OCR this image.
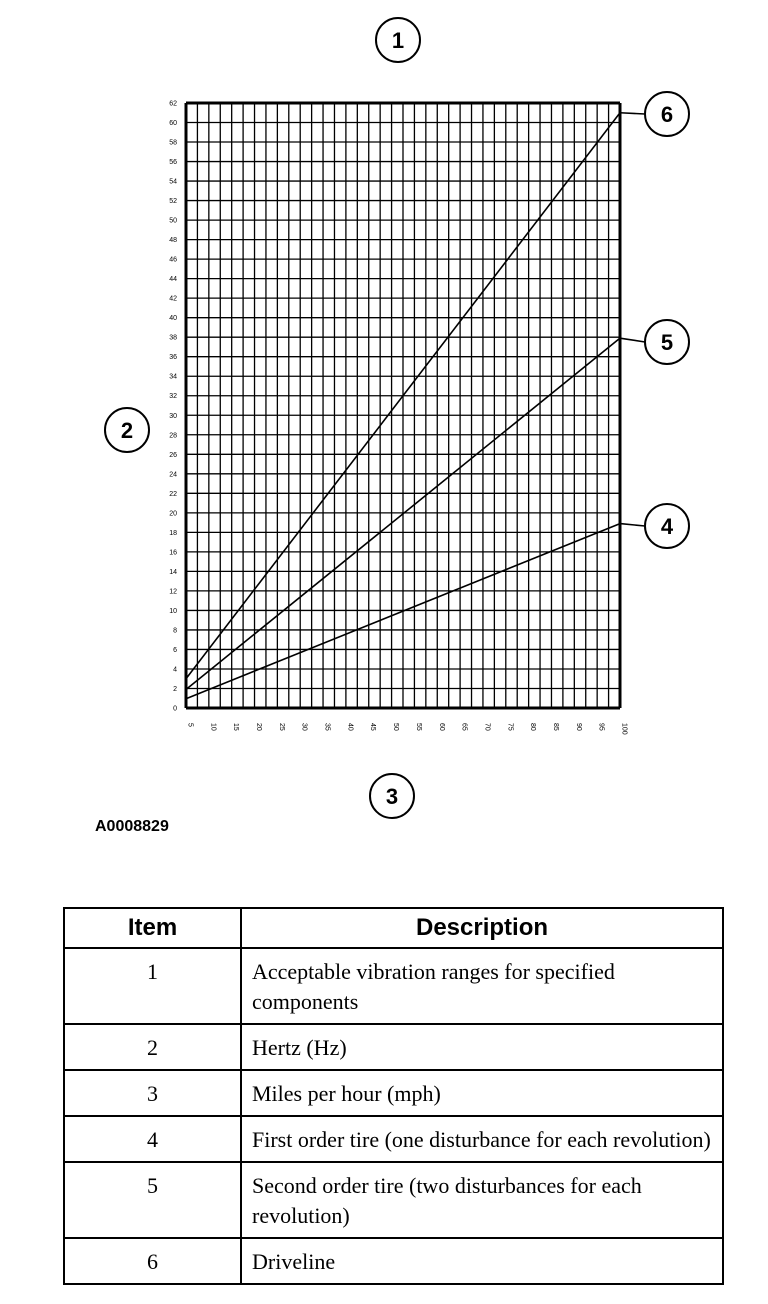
0
2
4
6
8
10
12
14
16
18
20
22
24
26
28
30
32
34
36
38
40
42
44
46
48
50
52
54
56
58
60
62
5 10 15 20 25 30 35 40 45 50 55 60 65 70 75 80 85 90 95 100
1
2
3
4
5
6
A0008829
Item	Description
1	Acceptable vibration ranges for specified components
2	Hertz (Hz)
3	Miles per hour (mph)
4	First order tire (one disturbance for each revolution)
5	Second order tire (two disturbances for each revolution)
6	Driveline
